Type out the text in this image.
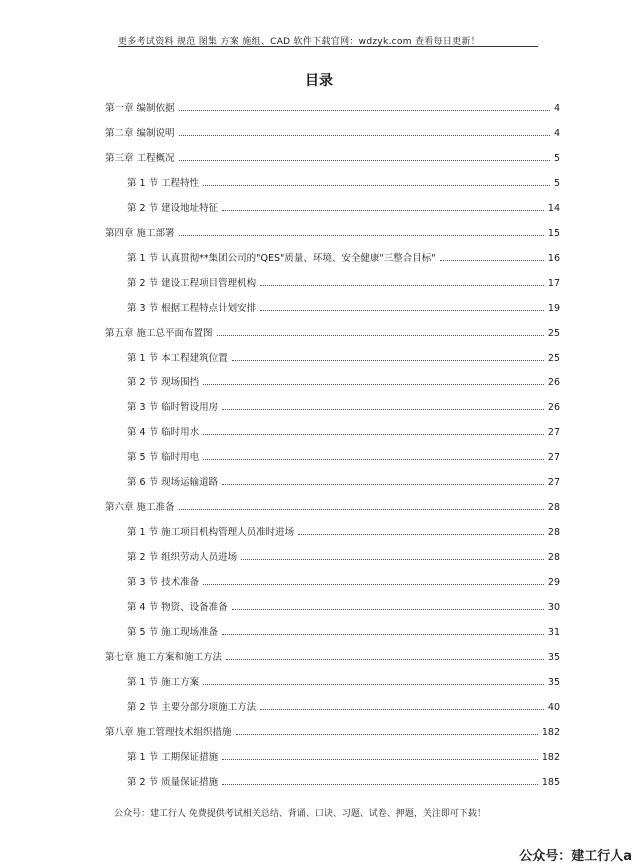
更多考试资料 规范 图集 方案 施组、CAD 软件下载官网：wdzyk.com 查看每日更新！
目录
第一章 编制依据	4
第二章 编制说明	4
第三章 工程概况	5
第 1 节 工程特性	5
第 2 节 建设地址特征	14
第四章 施工部署	15
第 1 节 认真贯彻**集团公司的"QES"质量、环境、安全健康"三整合目标"	16
第 2 节 建设工程项目管理机构	17
第 3 节 根据工程特点计划安排	19
第五章 施工总平面布置图	25
第 1 节 本工程建筑位置	25
第 2 节 现场围挡	26
第 3 节 临时暂设用房	26
第 4 节 临时用水	27
第 5 节 临时用电	27
第 6 节 现场运输道路	27
第六章 施工准备	28
第 1 节 施工项目机构管理人员准时进场	28
第 2 节 组织劳动人员进场	28
第 3 节 技术准备	29
第 4 节 物资、设备准备	30
第 5 节 施工现场准备	31
第七章 施工方案和施工方法	35
第 1 节 施工方案	35
第 2 节 主要分部分项施工方法	40
第八章 施工管理技术组织措施	182
第 1 节 工期保证措施	182
第 2 节 质量保证措施	185
公众号：建工行人 免费提供考试相关总结、背诵、口诀、习题、试卷、押题，关注即可下载！
公众号：建工行人a
